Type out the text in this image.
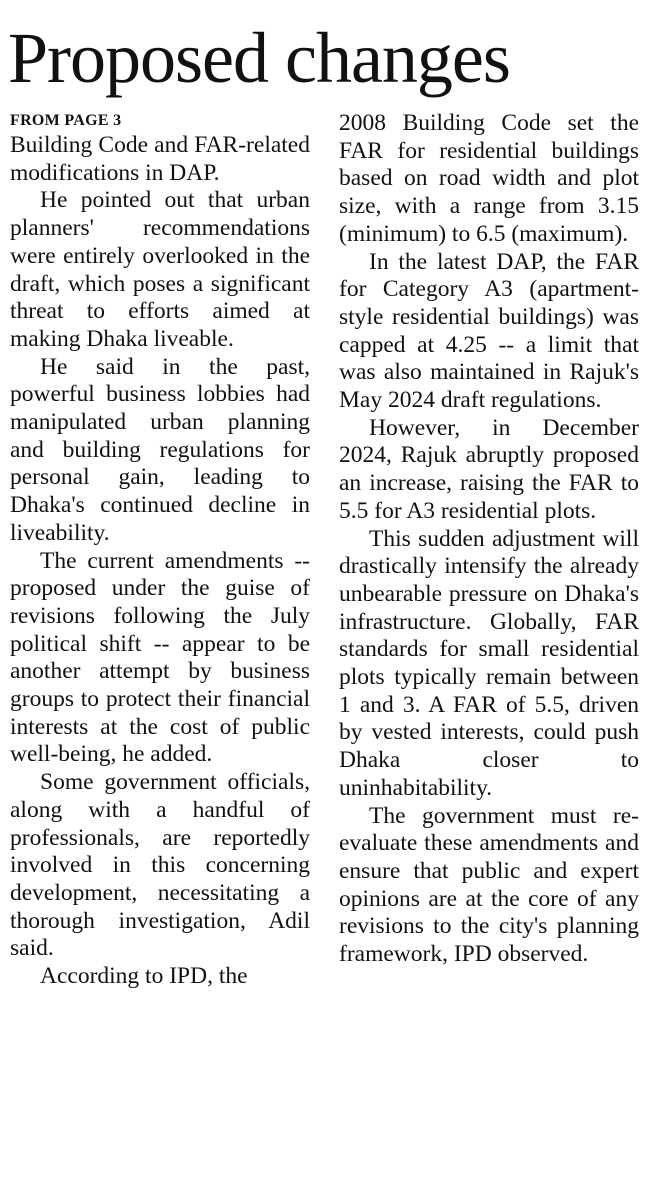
Proposed changes

FROM PAGE 3

Building Code and FAR-related modifications in DAP.

He pointed out that urban planners' recommendations were entirely overlooked in the draft, which poses a significant threat to efforts aimed at making Dhaka liveable.

He said in the past, powerful business lobbies had manipulated urban planning and building regulations for personal gain, leading to Dhaka's continued decline in liveability.

The current amendments -- proposed under the guise of revisions following the July political shift -- appear to be another attempt by business groups to protect their financial interests at the cost of public well-being, he added.

Some government officials, along with a handful of professionals, are reportedly involved in this concerning development, necessitating a thorough investigation, Adil said.

According to IPD, the

2008 Building Code set the FAR for residential buildings based on road width and plot size, with a range from 3.15 (minimum) to 6.5 (maximum).

In the latest DAP, the FAR for Category A3 (apartment-style residential buildings) was capped at 4.25 -- a limit that was also maintained in Rajuk's May 2024 draft regulations.

However, in December 2024, Rajuk abruptly proposed an increase, raising the FAR to 5.5 for A3 residential plots.

This sudden adjustment will drastically intensify the already unbearable pressure on Dhaka's infrastructure. Globally, FAR standards for small residential plots typically remain between 1 and 3. A FAR of 5.5, driven by vested interests, could push Dhaka closer to uninhabitability.

The government must re-evaluate these amendments and ensure that public and expert opinions are at the core of any revisions to the city's planning framework, IPD observed.
